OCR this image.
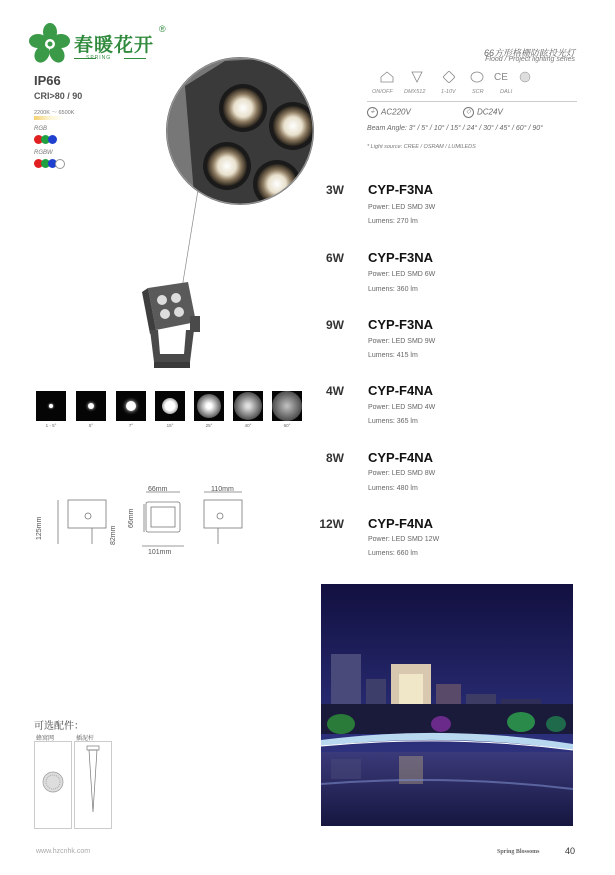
春暖花开
®
SPRING
IP66
CRI>80 / 90
2200K ～ 6500K
RGB
RGBW
66方形格栅防眩投光灯
Flood / Project lighting series
ON/OFF DMX512	1-10V	SCR
CE
DALI
⏚ AC220V	◇ DC24V
Beam Angle: 3° / 5° / 10° / 15° / 24° / 30° / 45° / 60° / 90°
* Light source: CREE / OSRAM / LUMILEDS
3W CYP-F3NA
Power: LED SMD 3W
Lumens: 270 lm
6W CYP-F3NA
Power: LED SMD 6W
Lumens: 360 lm
9W CYP-F3NA
Power: LED SMD 9W
Lumens: 415 lm
4W CYP-F4NA
Power: LED SMD 4W
Lumens: 365 lm
8W CYP-F4NA
Power: LED SMD 8W
Lumens: 480 lm
12W CYP-F4NA
Power: LED SMD 12W
Lumens: 660 lm
1 - 5°	5°	7°	15°	25°	40°	60°
66mm	110mm
125mm	66mm
82mm
101mm
可选配件：
蜂窝网	插泥杆
www.hzcnhk.com	Spring Blossoms	40
